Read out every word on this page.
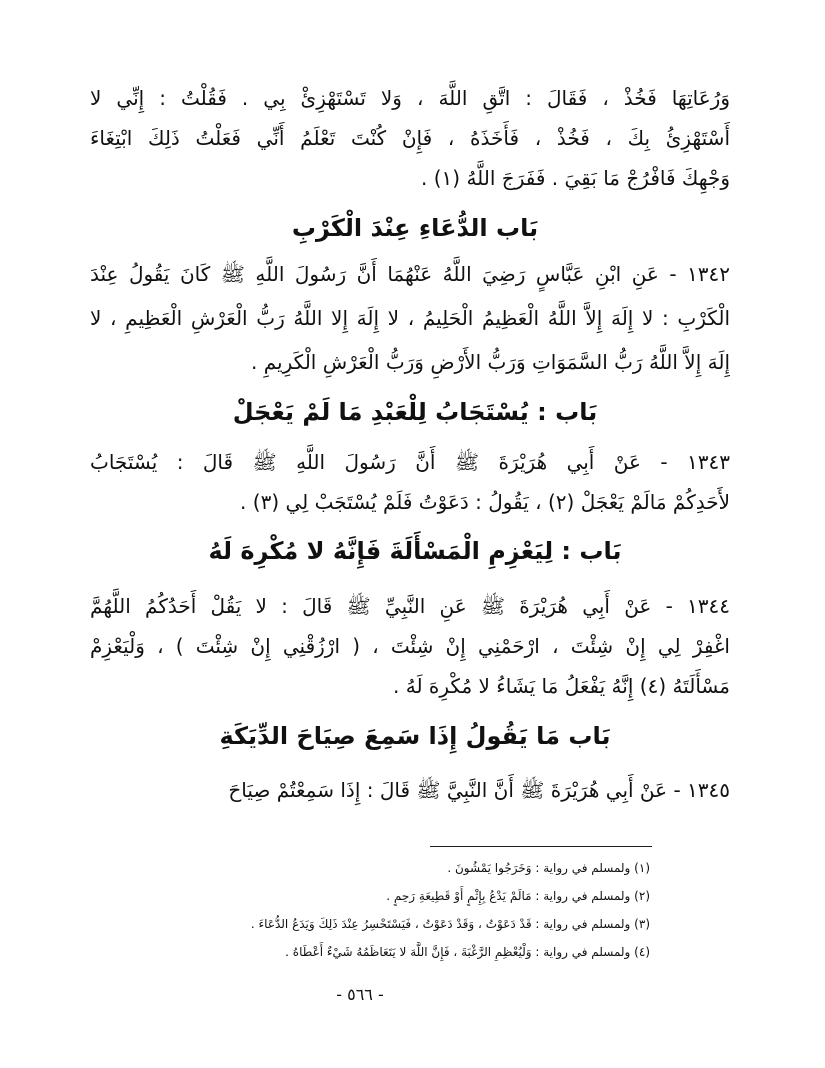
وَرُعَاتِهَا فَخُذْ ، فَقَالَ : اتَّقِ اللَّهَ ، وَلا تَسْتَهْزِئْ بِي . فَقُلْتُ : إِنِّي لا
أَسْتَهْزِئُ بِكَ ، فَخُذْ ، فَأَخَذَهُ ، فَإِنْ كُنْتَ تَعْلَمُ أَنِّي فَعَلْتُ ذَلِكَ ابْتِغَاءَ
وَجْهِكَ فَافْرُجْ مَا بَقِيَ . فَفَرَجَ اللَّهُ (١) .
بَاب الدُّعَاءِ عِنْدَ الْكَرْبِ
١٣٤٢ - عَنِ ابْنِ عَبَّاسٍ رَضِيَ اللَّهُ عَنْهُمَا أَنَّ رَسُولَ اللَّهِ ﷺ كَانَ يَقُولُ عِنْدَ
الْكَرْبِ : لا إِلَهَ إِلاَّ اللَّهُ الْعَظِيمُ الْحَلِيمُ ، لا إِلَهَ إِلا اللَّهُ رَبُّ الْعَرْشِ الْعَظِيمِ ، لا
إِلَهَ إِلاَّ اللَّهُ رَبُّ السَّمَوَاتِ وَرَبُّ الأَرْضِ وَرَبُّ الْعَرْشِ الْكَرِيمِ .
بَاب : يُسْتَجَابُ لِلْعَبْدِ مَا لَمْ يَعْجَلْ
١٣٤٣ - عَنْ أَبِي هُرَيْرَةَ ﷺ أَنَّ رَسُولَ اللَّهِ ﷺ قَالَ : يُسْتَجَابُ
لأَحَدِكُمْ مَالَمْ يَعْجَلْ (٢) ، يَقُولُ : دَعَوْتُ فَلَمْ يُسْتَجَبْ لِي (٣) .
بَاب : لِيَعْزِمِ الْمَسْأَلَةَ فَإِنَّهُ لا مُكْرِهَ لَهُ
١٣٤٤ - عَنْ أَبِي هُرَيْرَةَ ﷺ عَنِ النَّبِيِّ ﷺ قَالَ : لا يَقُلْ أَحَدُكُمُ اللَّهُمَّ
اغْفِرْ لِي إِنْ شِئْتَ ، ارْحَمْنِي إِنْ شِئْتَ ، ( ارْزُقْنِي إِنْ شِئْتَ ) ، وَلْيَعْزِمْ
مَسْأَلَتَهُ (٤) إِنَّهُ يَفْعَلُ مَا يَشَاءُ لا مُكْرِهَ لَهُ .
بَاب مَا يَقُولُ إِذَا سَمِعَ صِيَاحَ الدِّيَكَةِ
١٣٤٥ - عَنْ أَبِي هُرَيْرَةَ ﷺ أَنَّ النَّبِيَّ ﷺ قَالَ : إِذَا سَمِعْتُمْ صِيَاحَ
(١) ولمسلم في رواية : وَخَرَجُوا يَمْشُونَ .
(٢) ولمسلم في رواية : مَالَمْ يَدْعُ بِإِثْمٍ أَوْ قَطِيعَةِ رَحِمٍ .
(٣) ولمسلم في رواية : قَدْ دَعَوْتُ ، وَقَدْ دَعَوْتُ ، فَيَسْتَحْسِرُ عِنْدَ ذَلِكَ وَيَدَعُ الدُّعَاءَ .
(٤) ولمسلم في رواية : وَلْيُعْظِمِ الرَّغْبَةَ ، فَإِنَّ اللَّهَ لا يَتَعَاظَمُهُ شَيْءٌ أَعْطَاهُ .
- ٥٦٦ -
